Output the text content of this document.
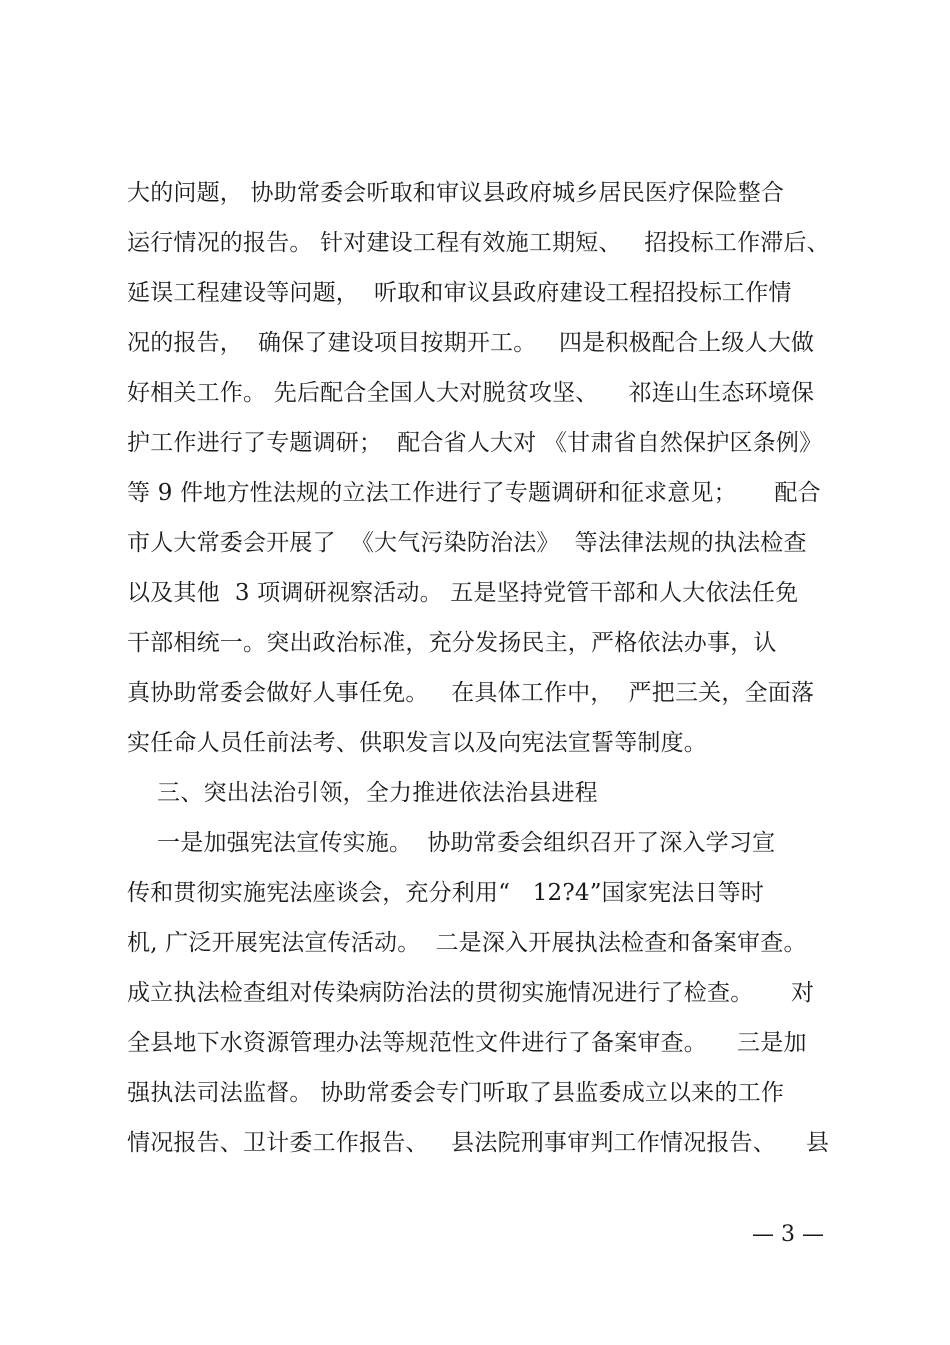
大的问题， 协助常委会听取和审议县政府城乡居民医疗保险整合
运行情况的报告。 针对建设工程有效施工期短、   招投标工作滞后、
延误工程建设等问题，  听取和审议县政府建设工程招投标工作情
况的报告，  确保了建设项目按期开工。   四是积极配合上级人大做
好相关工作。 先后配合全国人大对脱贫攻坚、    祁连山生态环境保
护工作进行了专题调研；  配合省人大对 《甘肃省自然保护区条例》
等 9 件地方性法规的立法工作进行了专题调研和征求意见；     配合
市人大常委会开展了  《大气污染防治法》  等法律法规的执法检查
以及其他  3 项调研视察活动。 五是坚持党管干部和人大依法任免
干部相统一。突出政治标准，充分发扬民主，严格依法办事，认
真协助常委会做好人事任免。   在具体工作中，  严把三关，全面落
实任命人员任前法考、供职发言以及向宪法宣誓等制度。
三、突出法治引领，全力推进依法治县进程
一是加强宪法宣传实施。  协助常委会组织召开了深入学习宣
传和贯彻实施宪法座谈会，充分利用“   12?4”国家宪法日等时
机, 广泛开展宪法宣传活动。  二是深入开展执法检查和备案审查。
成立执法检查组对传染病防治法的贯彻实施情况进行了检查。     对
全县地下水资源管理办法等规范性文件进行了备案审查。    三是加
强执法司法监督。 协助常委会专门听取了县监委成立以来的工作
情况报告、卫计委工作报告、   县法院刑事审判工作情况报告、    县
— 3 —
